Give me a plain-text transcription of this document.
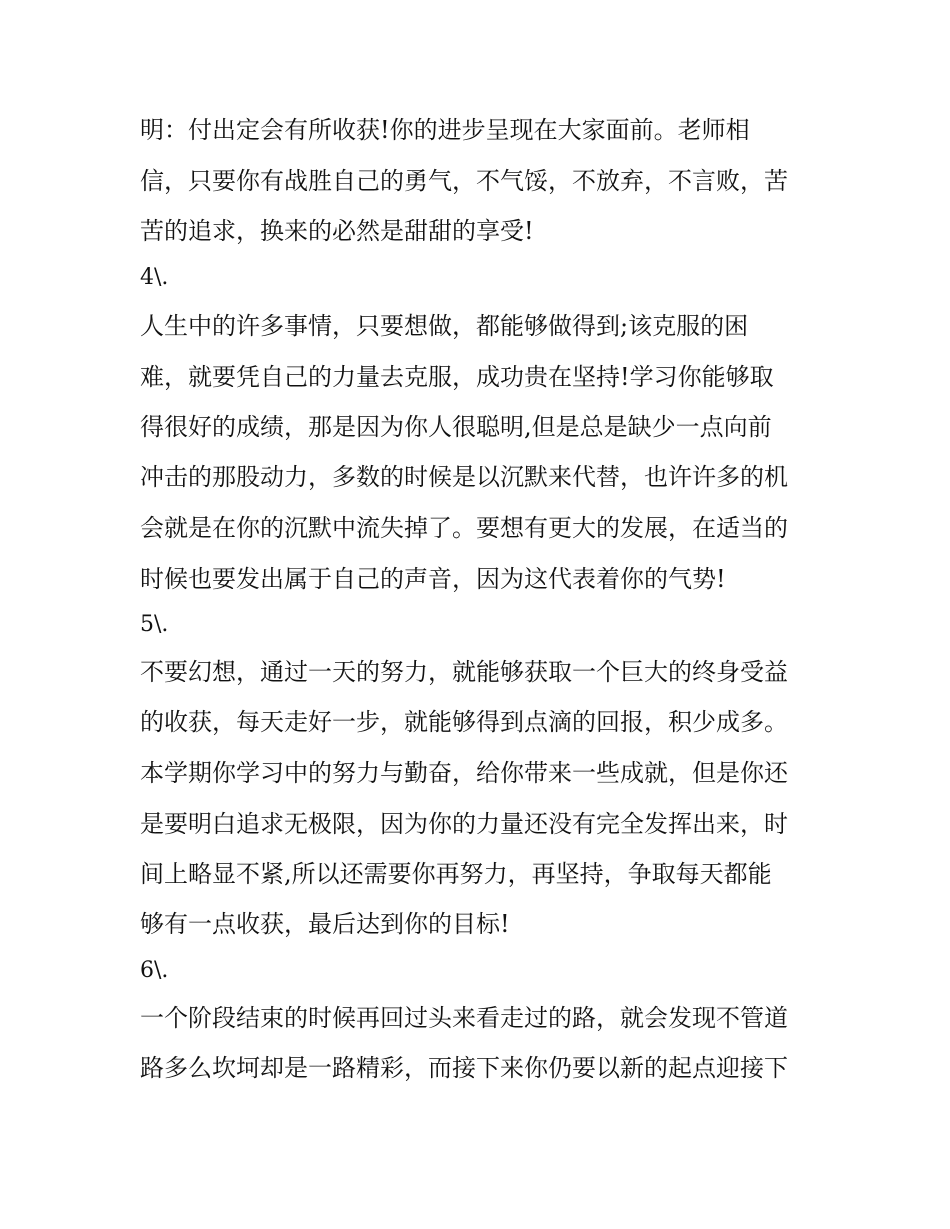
明：付出定会有所收获!你的进步呈现在大家面前。老师相

信，只要你有战胜自己的勇气，不气馁，不放弃，不言败，苦

苦的追求，换来的必然是甜甜的享受!

4\.

人生中的许多事情，只要想做，都能够做得到;该克服的困

难，就要凭自己的力量去克服，成功贵在坚持!学习你能够取

得很好的成绩，那是因为你人很聪明,但是总是缺少一点向前

冲击的那股动力，多数的时候是以沉默来代替，也许许多的机

会就是在你的沉默中流失掉了。要想有更大的发展，在适当的

时候也要发出属于自己的声音，因为这代表着你的气势!

5\.

不要幻想，通过一天的努力，就能够获取一个巨大的终身受益

的收获，每天走好一步，就能够得到点滴的回报，积少成多。

本学期你学习中的努力与勤奋，给你带来一些成就，但是你还

是要明白追求无极限，因为你的力量还没有完全发挥出来，时

间上略显不紧,所以还需要你再努力，再坚持，争取每天都能

够有一点收获，最后达到你的目标!

6\.

一个阶段结束的时候再回过头来看走过的路，就会发现不管道

路多么坎坷却是一路精彩，而接下来你仍要以新的起点迎接下
